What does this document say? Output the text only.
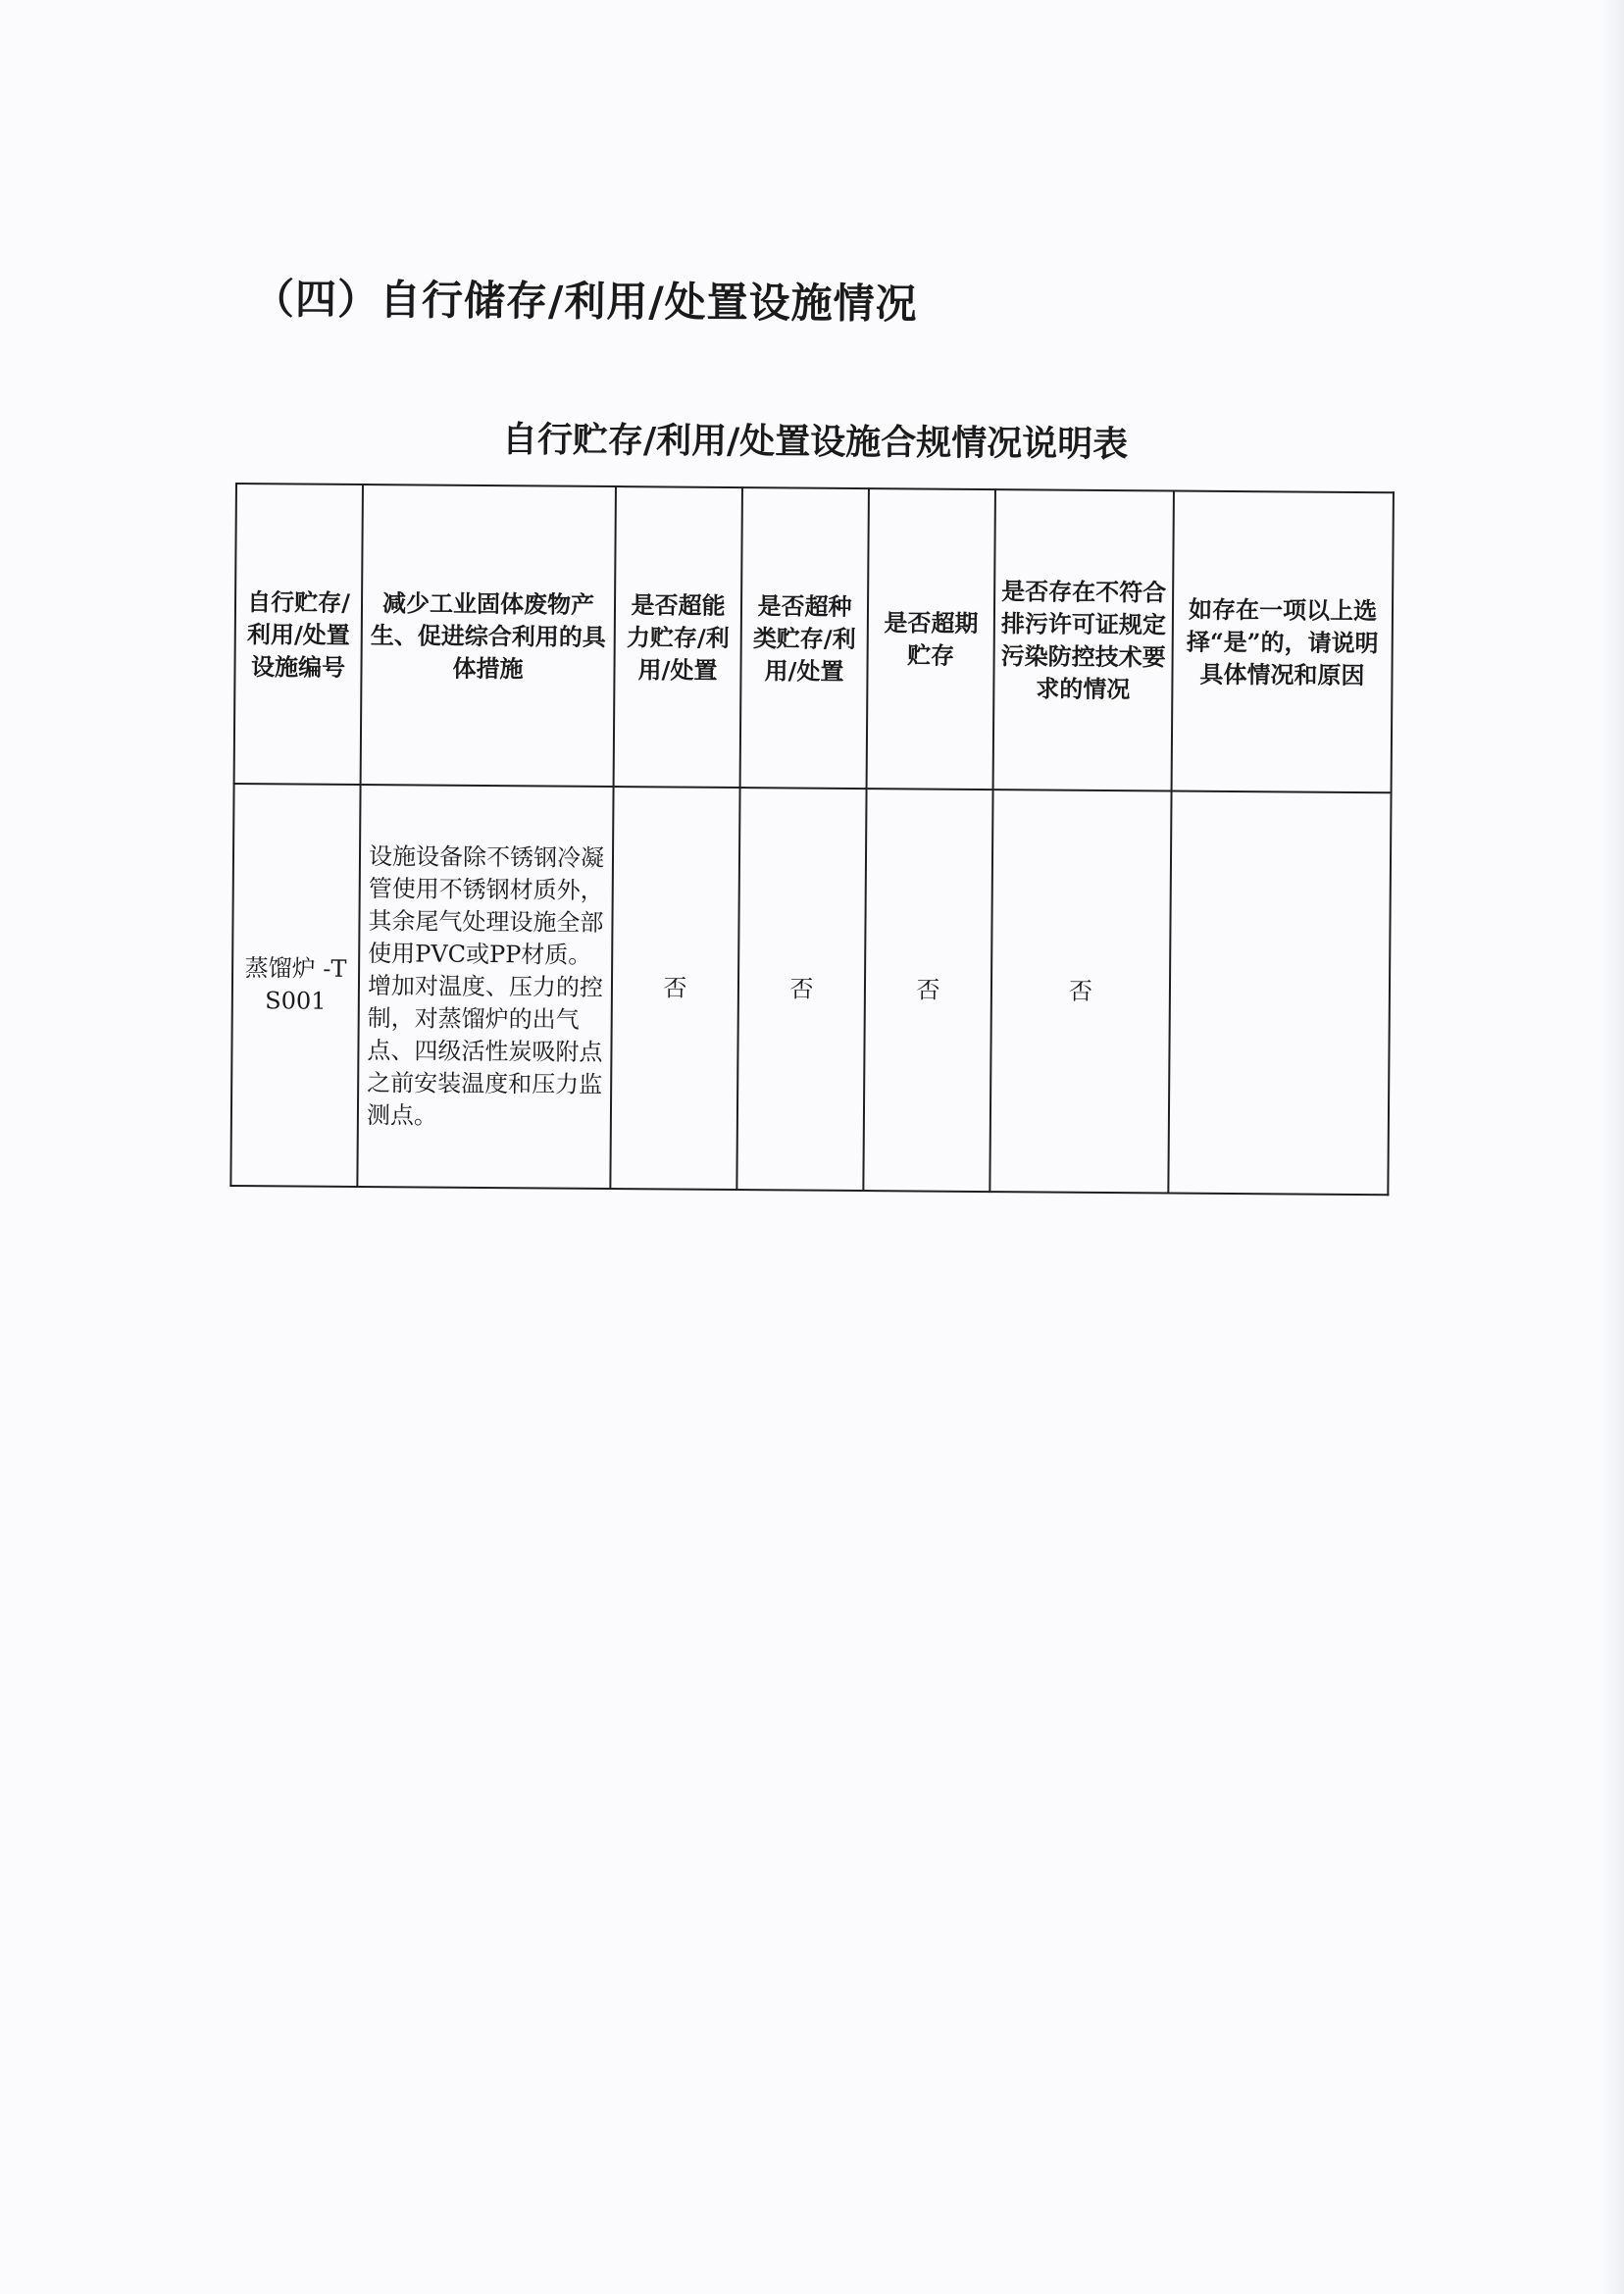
（四）自行储存/利用/处置设施情况
自行贮存/利用/处置设施合规情况说明表
自行贮存/利用/处置设施编号	减少工业固体废物产生、促进综合利用的具体措施	是否超能力贮存/利用/处置	是否超种类贮存/利用/处置	是否超期贮存	是否存在不符合排污许可证规定污染防控技术要求的情况	如存在一项以上选择“是”的，请说明具体情况和原因
蒸馏炉 -TS001	设施设备除不锈钢冷凝管使用不锈钢材质外，其余尾气处理设施全部使用PVC或PP材质。增加对温度、压力的控制，对蒸馏炉的出气点、四级活性炭吸附点之前安装温度和压力监测点。	否	否	否	否	
